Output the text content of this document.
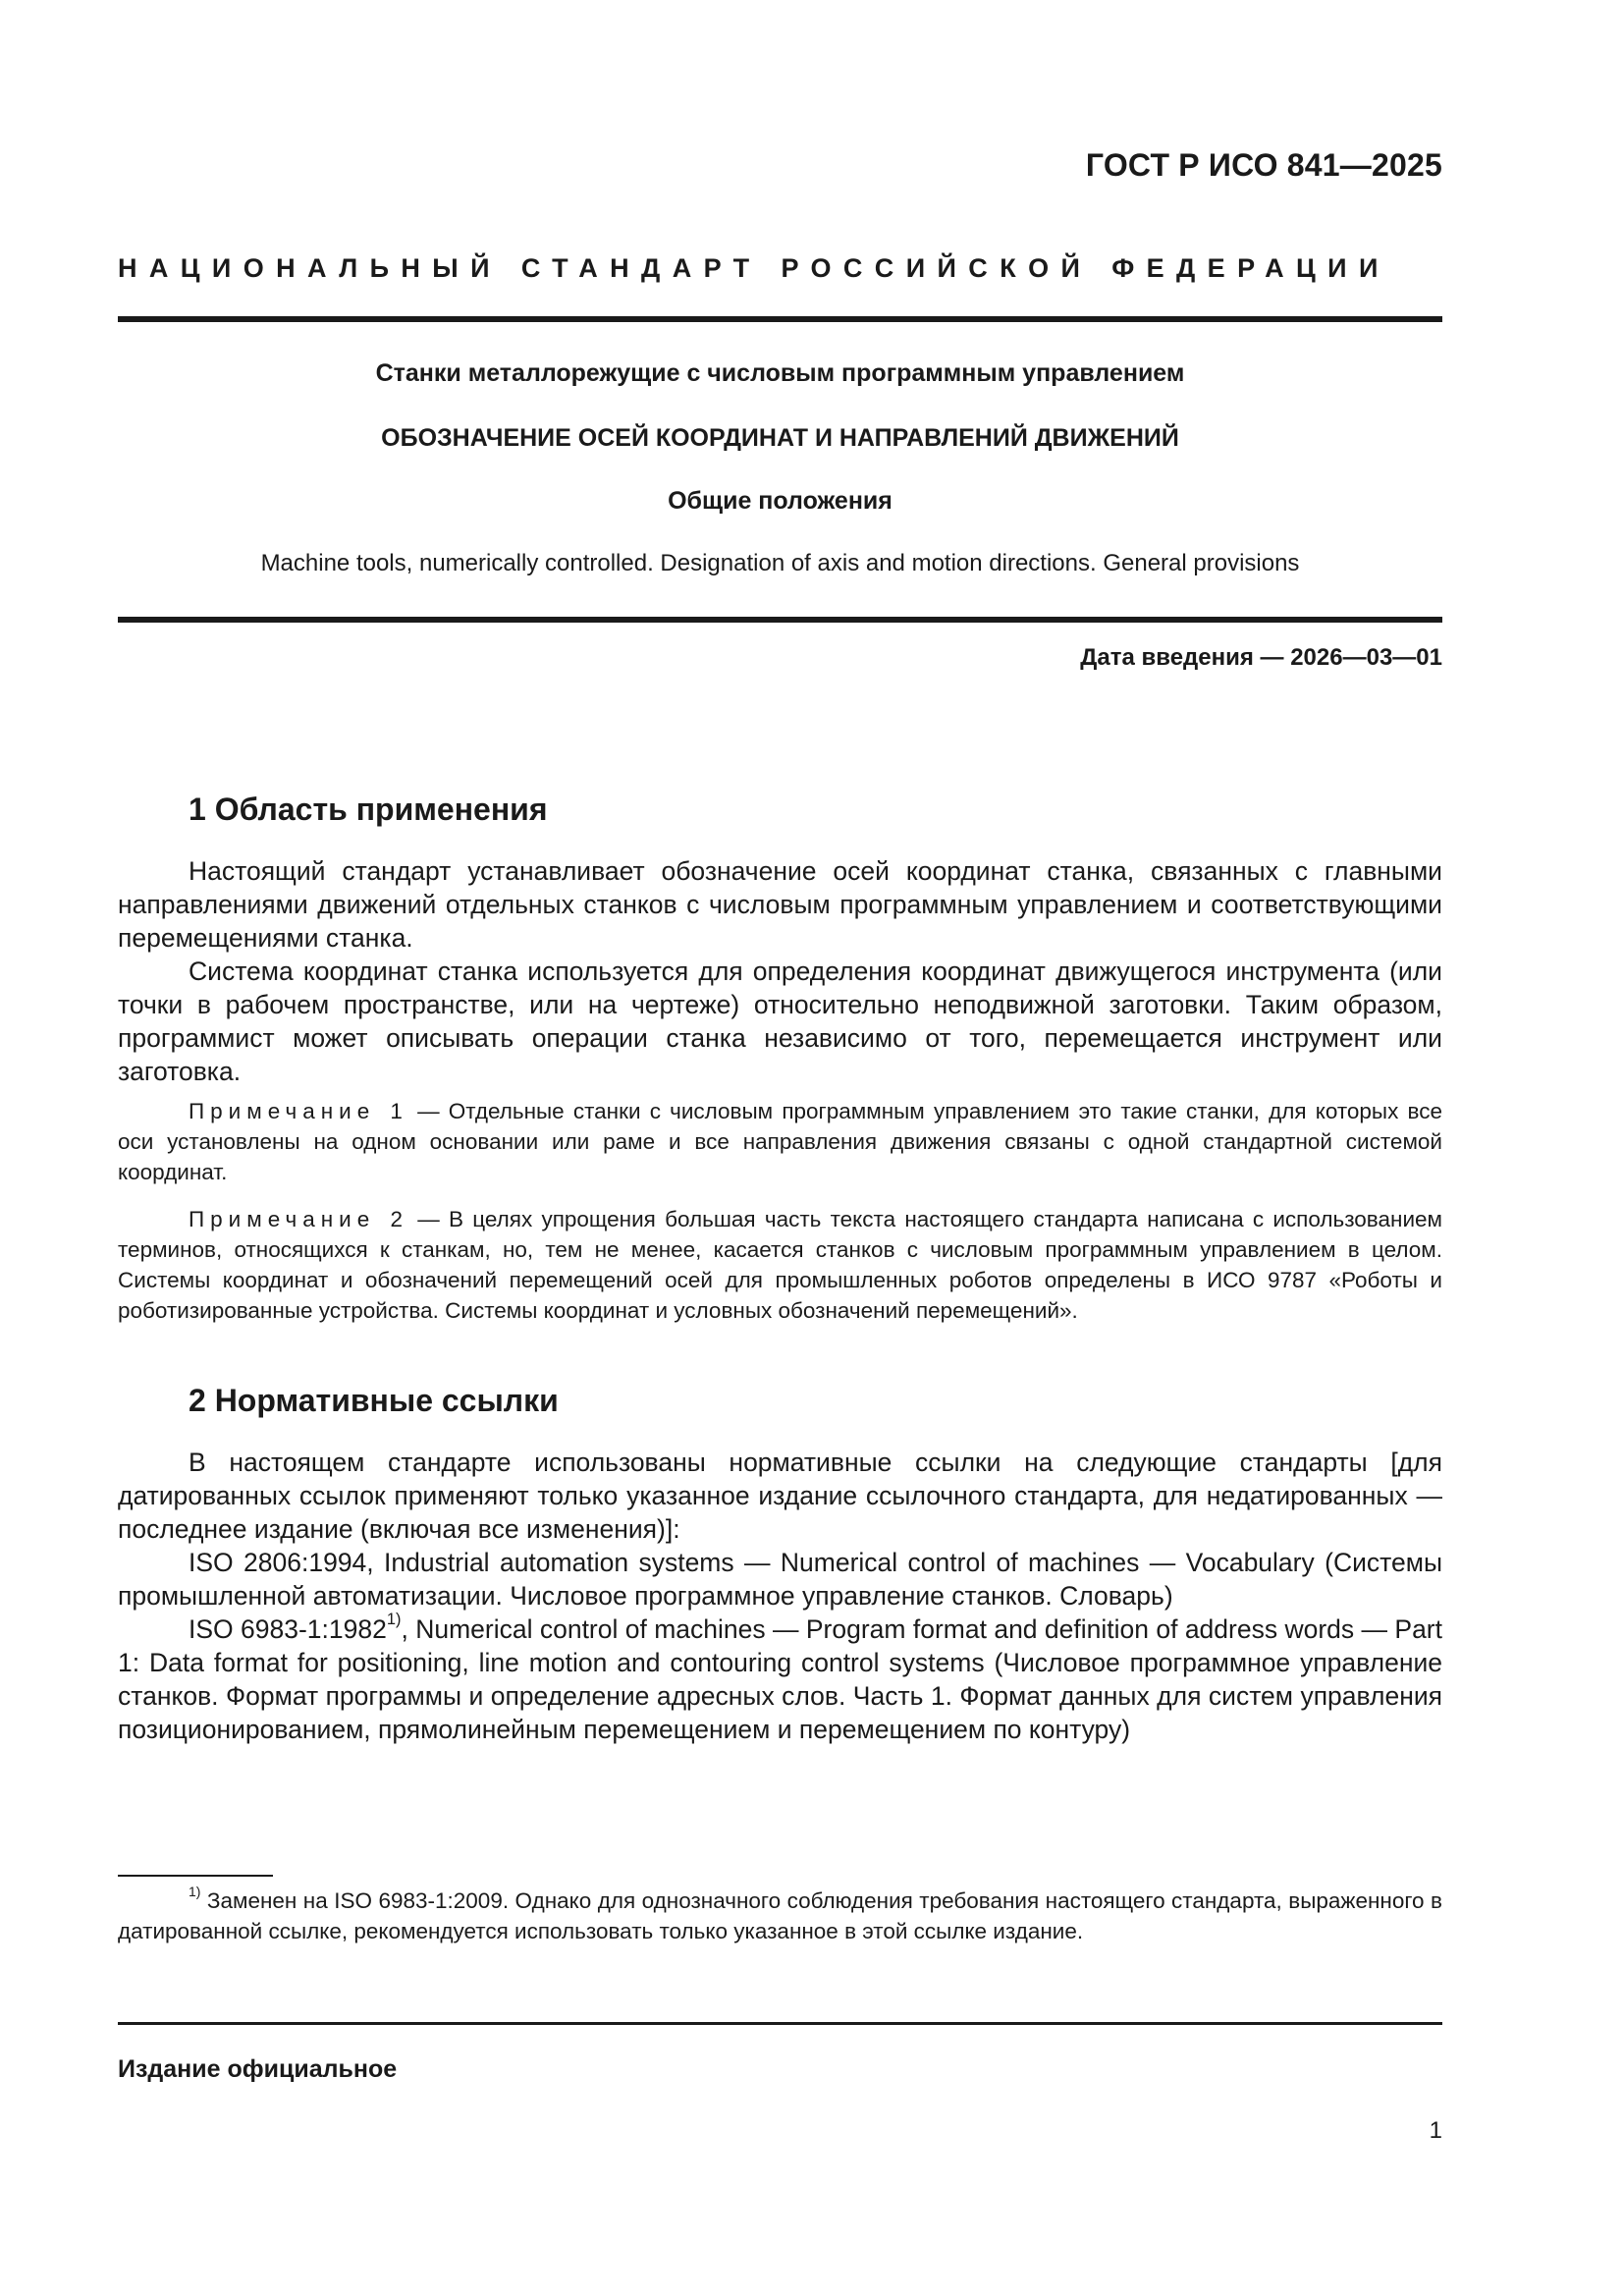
ГОСТ Р ИСО 841—2025
НАЦИОНАЛЬНЫЙ СТАНДАРТ РОССИЙСКОЙ ФЕДЕРАЦИИ
Станки металлорежущие с числовым программным управлением
ОБОЗНАЧЕНИЕ ОСЕЙ КООРДИНАТ И НАПРАВЛЕНИЙ ДВИЖЕНИЙ
Общие положения
Machine tools, numerically controlled. Designation of axis and motion directions. General provisions
Дата введения — 2026—03—01
1 Область применения

Настоящий стандарт устанавливает обозначение осей координат станка, связанных с главными направлениями движений отдельных станков с числовым программным управлением и соответствующими перемещениями станка.

Система координат станка используется для определения координат движущегося инструмента (или точки в рабочем пространстве, или на чертеже) относительно неподвижной заготовки. Таким образом, программист может описывать операции станка независимо от того, перемещается инструмент или заготовка.

Примечание 1 — Отдельные станки с числовым программным управлением это такие станки, для которых все оси установлены на одном основании или раме и все направления движения связаны с одной стандартной системой координат.
Примечание 2 — В целях упрощения большая часть текста настоящего стандарта написана с использованием терминов, относящихся к станкам, но, тем не менее, касается станков с числовым программным управлением в целом. Системы координат и обозначений перемещений осей для промышленных роботов определены в ИСО 9787 «Роботы и роботизированные устройства. Системы координат и условных обозначений перемещений».
2 Нормативные ссылки

В настоящем стандарте использованы нормативные ссылки на следующие стандарты [для датированных ссылок применяют только указанное издание ссылочного стандарта, для недатированных — последнее издание (включая все изменения)]:

ISO 2806:1994, Industrial automation systems — Numerical control of machines — Vocabulary (Системы промышленной автоматизации. Числовое программное управление станков. Словарь)

ISO 6983-1:1982$^{1)}$, Numerical control of machines — Program format and definition of address words — Part 1: Data format for positioning, line motion and contouring control systems (Числовое программное управление станков. Формат программы и определение адресных слов. Часть 1. Формат данных для систем управления позиционированием, прямолинейным перемещением и перемещением по контуру)

$^{1)}$ Заменен на ISO 6983-1:2009. Однако для однозначного соблюдения требования настоящего стандарта, выраженного в датированной ссылке, рекомендуется использовать только указанное в этой ссылке издание.
Издание официальное
1
